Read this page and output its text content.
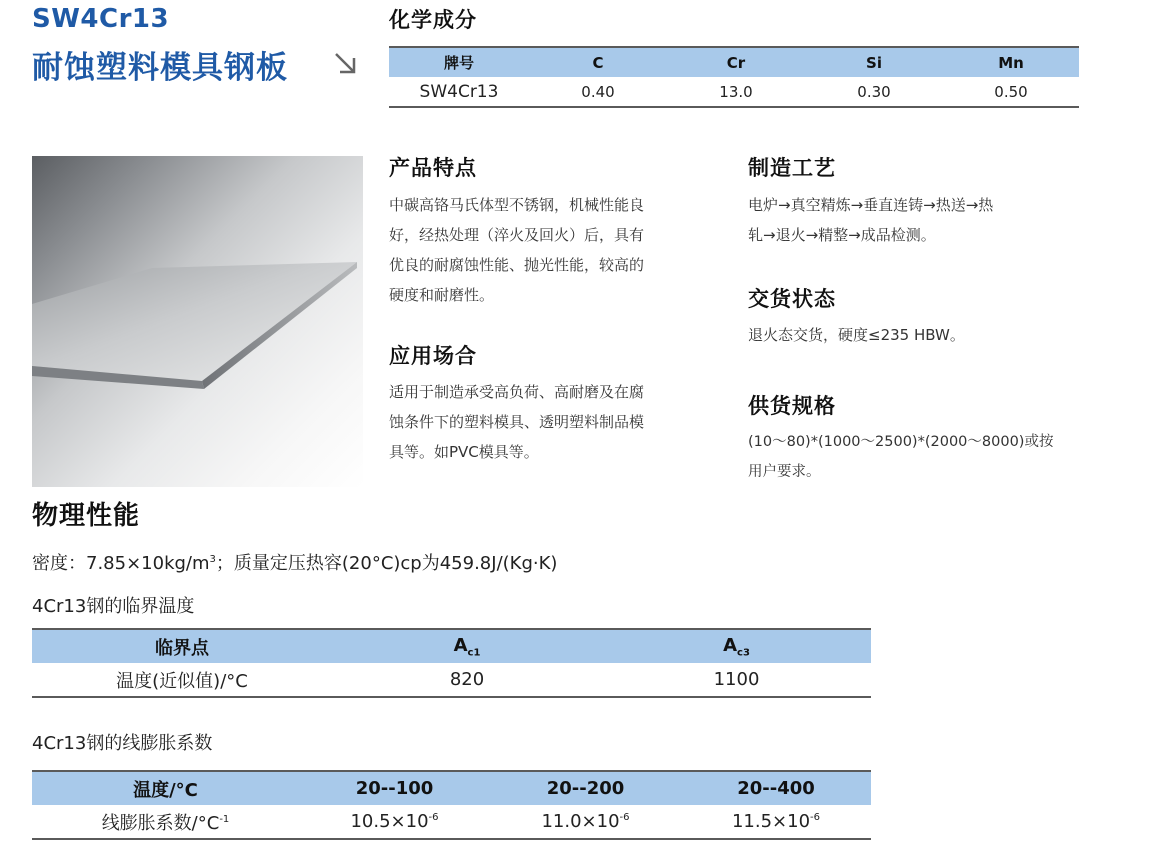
SW4Cr13
耐蚀塑料模具钢板
化学成分
牌号	C	Cr	Si	Mn
SW4Cr13	0.40	13.0	0.30	0.50
产品特点
中碳高铬马氏体型不锈钢，机械性能良
好，经热处理（淬火及回火）后，具有
优良的耐腐蚀性能、抛光性能，较高的
硬度和耐磨性。
应用场合
适用于制造承受高负荷、高耐磨及在腐
蚀条件下的塑料模具、透明塑料制品模
具等。如PVC模具等。
制造工艺
电炉→真空精炼→垂直连铸→热送→热
轧→退火→精整→成品检测。
交货状态
退火态交货，硬度≤235 HBW。
供货规格
(10～80)*(1000～2500)*(2000～8000)或按
用户要求。
物理性能
密度：$7.85\times 10kg/m^3$；质量定压热容(20°C)cp为459.8J/(Kg·K)
4Cr13钢的临界温度
临界点	$A_{c1}$	$A_{c3}$
温度(近似值)/°C	820	1100
4Cr13钢的线膨胀系数
温度/°C	20--100	20--200	20--400
线膨胀系数$/^\circ C^{-1}$	$10.5\times 10^{-6}$	$11.0\times 10^{-6}$	$11.5\times 10^{-6}$
